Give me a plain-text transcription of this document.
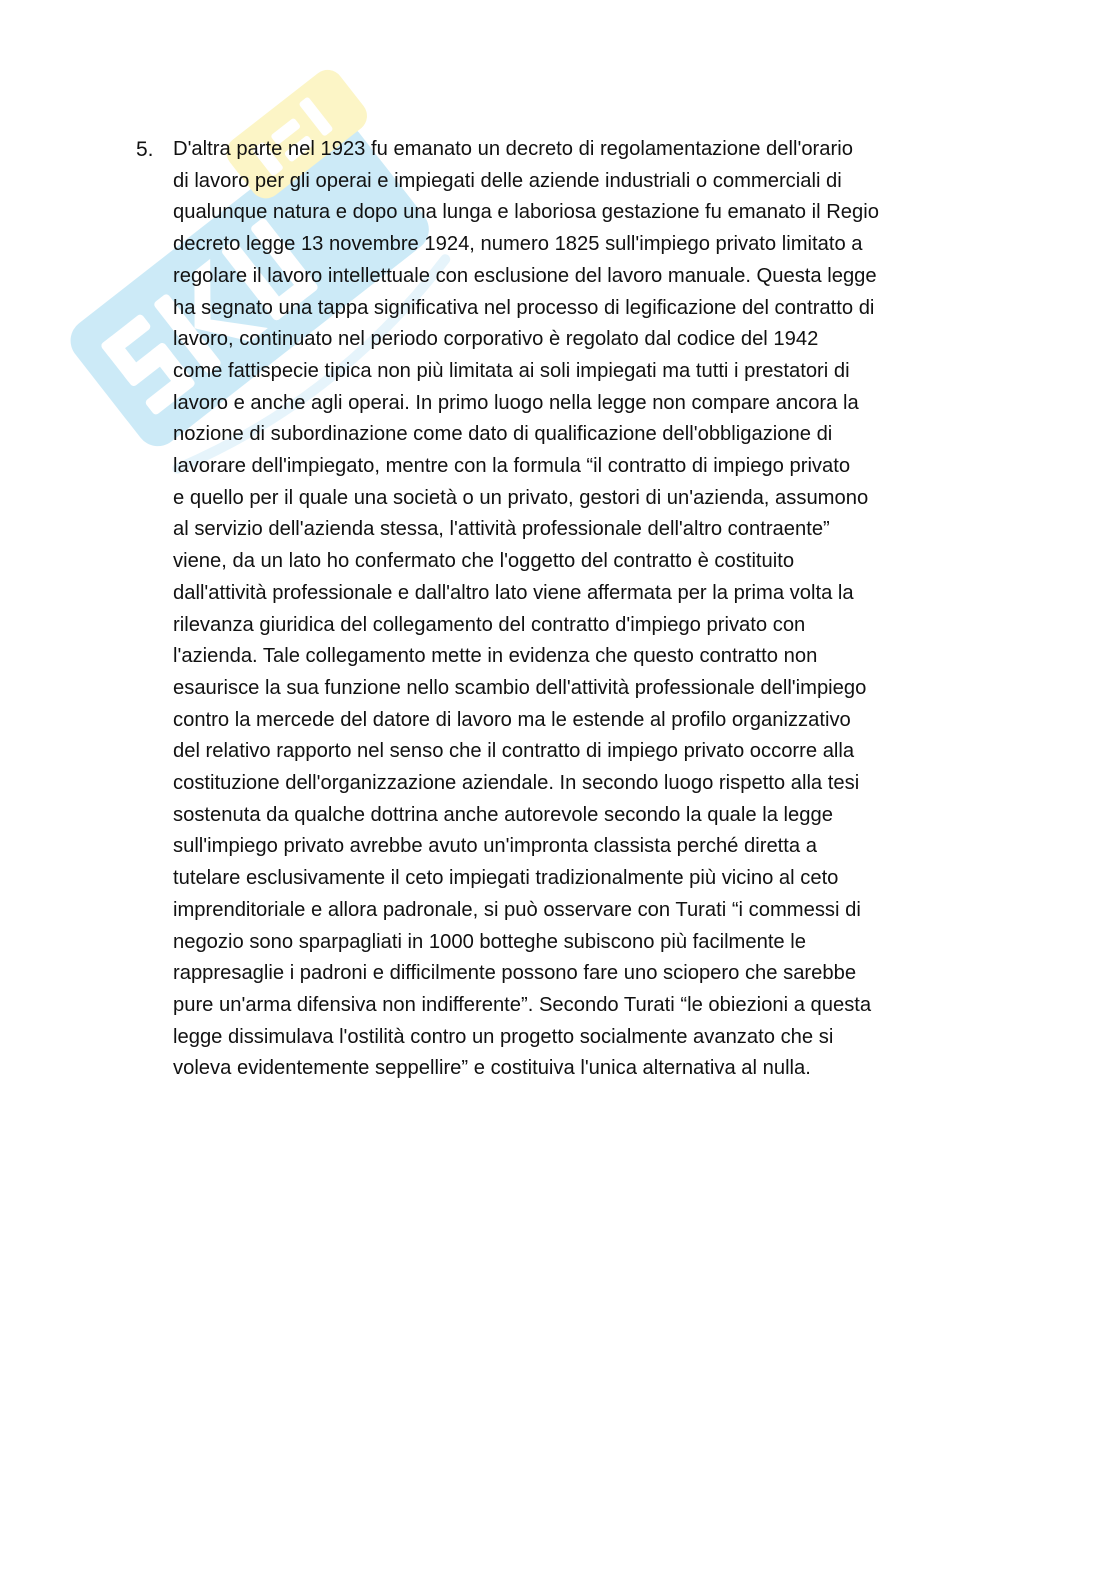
5. D'altra parte nel 1923 fu emanato un decreto di regolamentazione dell'orario
di lavoro per gli operai e impiegati delle aziende industriali o commerciali di
qualunque natura e dopo una lunga e laboriosa gestazione fu emanato il Regio
decreto legge 13 novembre 1924, numero 1825 sull'impiego privato limitato a
regolare il lavoro intellettuale con esclusione del lavoro manuale. Questa legge
ha segnato una tappa significativa nel processo di legificazione del contratto di
lavoro, continuato nel periodo corporativo è regolato dal codice del 1942
come fattispecie tipica non più limitata ai soli impiegati ma tutti i prestatori di
lavoro e anche agli operai. In primo luogo nella legge non compare ancora la
nozione di subordinazione come dato di qualificazione dell'obbligazione di
lavorare dell'impiegato, mentre con la formula “il contratto di impiego privato
e quello per il quale una società o un privato, gestori di un'azienda, assumono
al servizio dell'azienda stessa, l'attività professionale dell'altro contraente”
viene, da un lato ho confermato che l'oggetto del contratto è costituito
dall'attività professionale e dall'altro lato viene affermata per la prima volta la
rilevanza giuridica del collegamento del contratto d'impiego privato con
l'azienda. Tale collegamento mette in evidenza che questo contratto non
esaurisce la sua funzione nello scambio dell'attività professionale dell'impiego
contro la mercede del datore di lavoro ma le estende al profilo organizzativo
del relativo rapporto nel senso che il contratto di impiego privato occorre alla
costituzione dell'organizzazione aziendale. In secondo luogo rispetto alla tesi
sostenuta da qualche dottrina anche autorevole secondo la quale la legge
sull'impiego privato avrebbe avuto un'impronta classista perché diretta a
tutelare esclusivamente il ceto impiegati tradizionalmente più vicino al ceto
imprenditoriale e allora padronale, si può osservare con Turati “i commessi di
negozio sono sparpagliati in 1000 botteghe subiscono più facilmente le
rappresaglie i padroni e difficilmente possono fare uno sciopero che sarebbe
pure un'arma difensiva non indifferente”. Secondo Turati “le obiezioni a questa
legge dissimulava l'ostilità contro un progetto socialmente avanzato che si
voleva evidentemente seppellire” e costituiva l'unica alternativa al nulla.
